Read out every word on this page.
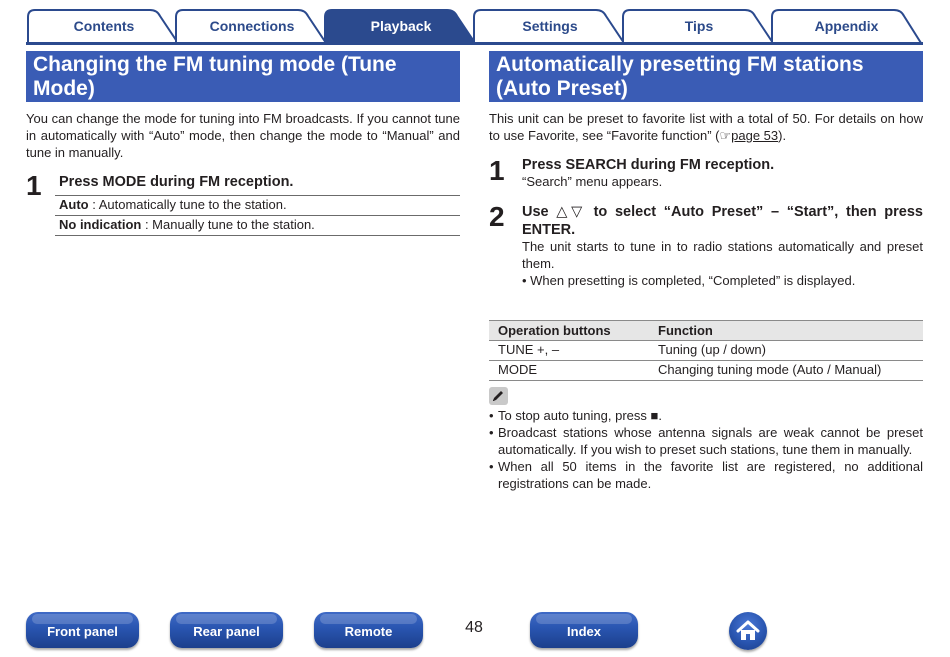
Contents	Connections	Playback	Settings	Tips	Appendix
Changing the FM tuning mode (Tune Mode)

You can change the mode for tuning into FM broadcasts. If you cannot tune in automatically with “Auto” mode, then change the mode to “Manual” and tune in manually.

1 Press MODE during FM reception.
Auto : Automatically tune to the station.
No indication : Manually tune to the station.
Automatically presetting FM stations (Auto Preset)

This unit can be preset to favorite list with a total of 50. For details on how to use Favorite, see “Favorite function” (☞page 53).

1 Press SEARCH during FM reception.
“Search” menu appears.
2 Use △▽ to select “Auto Preset” – “Start”, then press ENTER.
The unit starts to tune in to radio stations automatically and preset them.
• When presetting is completed, “Completed” is displayed.
Operation buttons	Function
TUNE +, –	Tuning (up / down)
MODE	Changing tuning mode (Auto / Manual)
• To stop auto tuning, press ■.
• Broadcast stations whose antenna signals are weak cannot be preset automatically. If you wish to preset such stations, tune them in manually.
• When all 50 items in the favorite list are registered, no additional registrations can be made.
Front panel	Rear panel	Remote	48	Index
